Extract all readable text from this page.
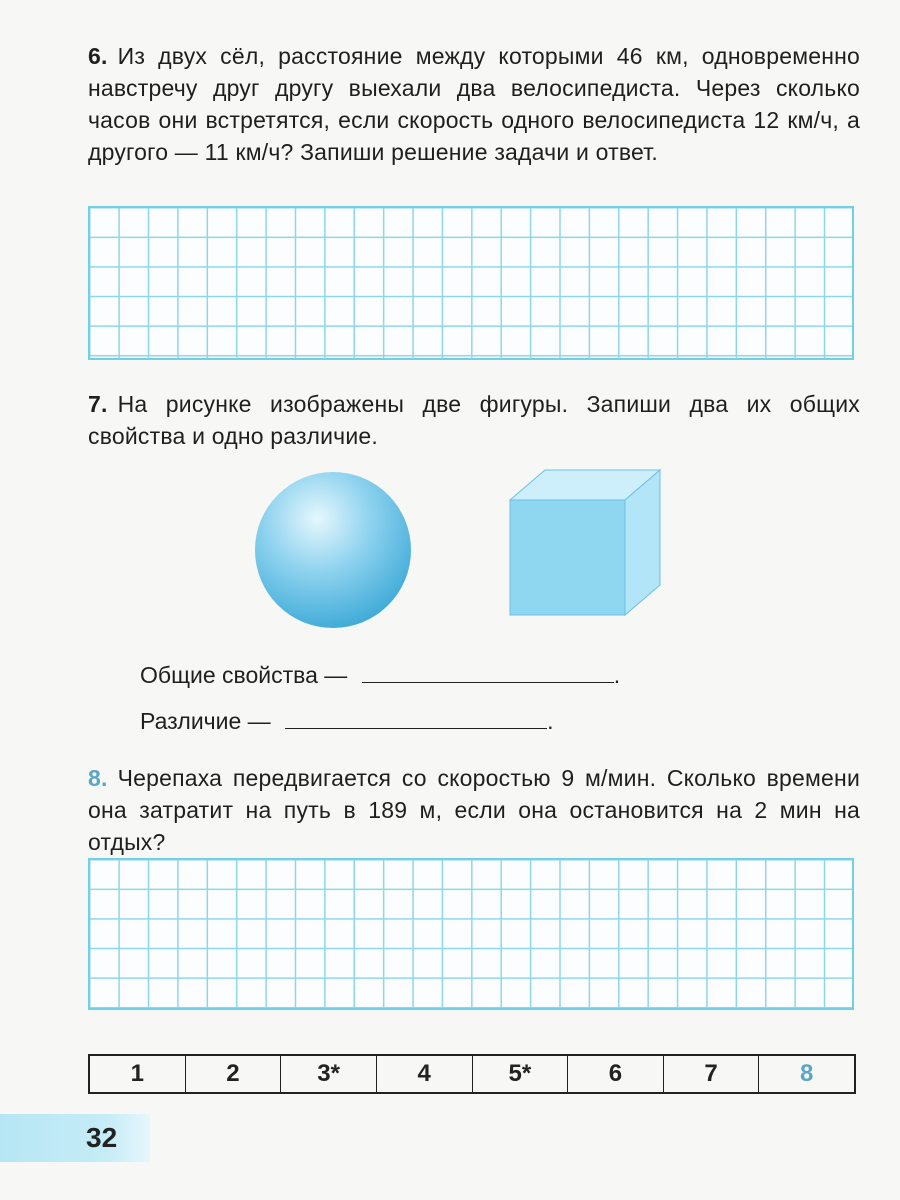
6. Из двух сёл, расстояние между которыми 46 км, одновременно навстречу друг другу выехали два велосипедиста. Через сколько часов они встретятся, если скорость одного велосипедиста 12 км/ч, а другого — 11 км/ч? Запиши решение задачи и ответ.

7. На рисунке изображены две фигуры. Запиши два их общих свойства и одно различие.

Общие свойства —	.
Различие —	.

8. Черепаха передвигается со скоростью 9 м/мин. Сколько времени она затратит на путь в 189 м, если она остановится на 2 мин на отдых?

1	2	3*	4	5*	6	7	8
32
